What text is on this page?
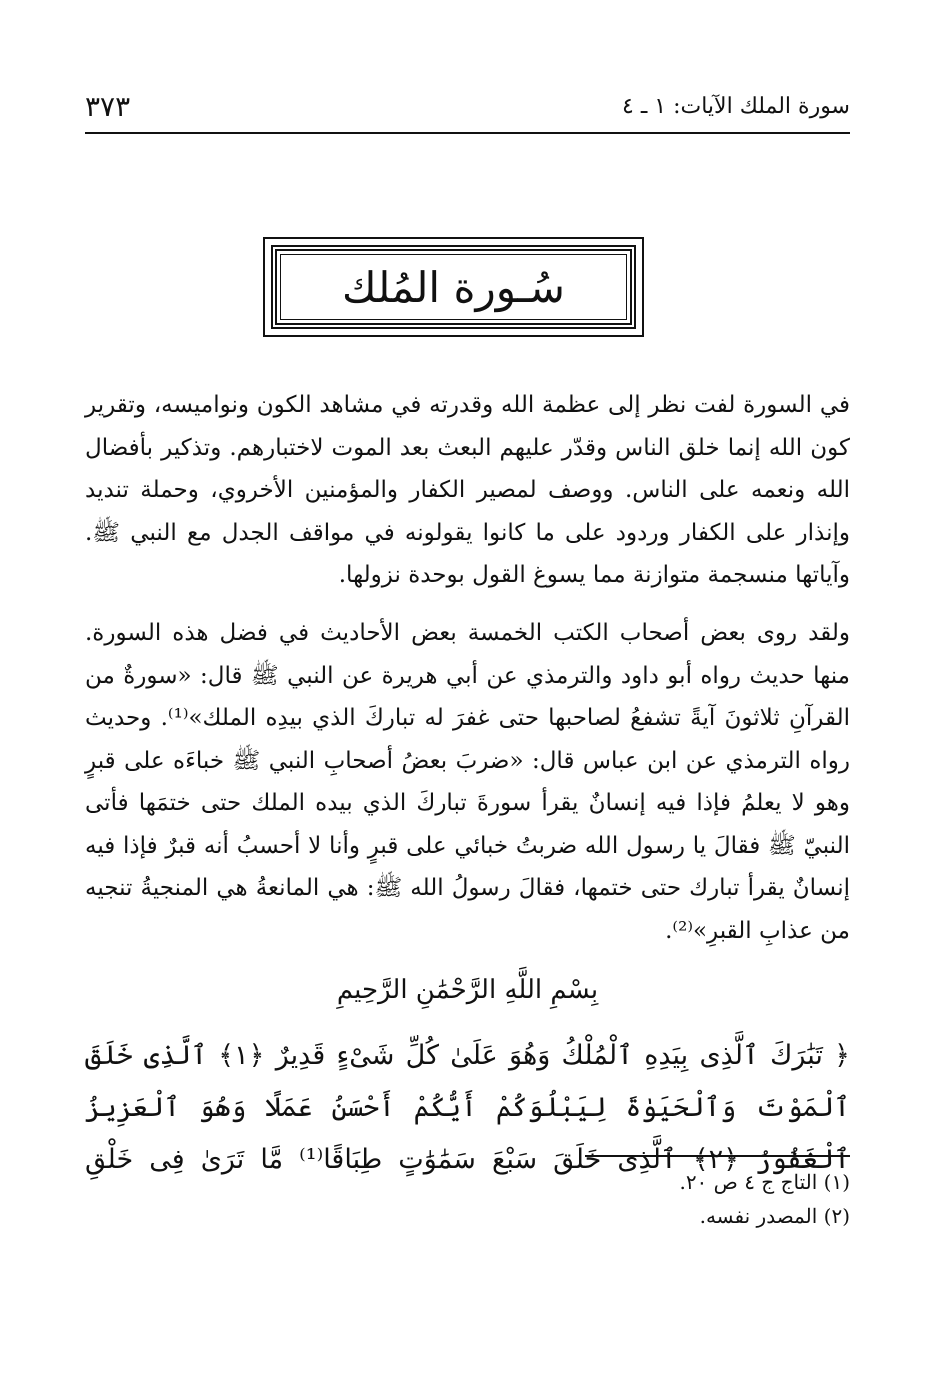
سورة الملك الآيات: ١ ـ ٤
٣٧٣
سُـورة المُلك

في السورة لفت نظر إلى عظمة الله وقدرته في مشاهد الكون ونواميسه، وتقرير كون الله إنما خلق الناس وقدّر عليهم البعث بعد الموت لاختبارهم. وتذكير بأفضال الله ونعمه على الناس. ووصف لمصير الكفار والمؤمنين الأخروي، وحملة تنديد وإنذار على الكفار وردود على ما كانوا يقولونه في مواقف الجدل مع النبي ﷺ. وآياتها منسجمة متوازنة مما يسوغ القول بوحدة نزولها.

ولقد روى بعض أصحاب الكتب الخمسة بعض الأحاديث في فضل هذه السورة. منها حديث رواه أبو داود والترمذي عن أبي هريرة عن النبي ﷺ قال: «سورةٌ من القرآنِ ثلاثونَ آيةً تشفعُ لصاحبها حتى غفرَ له تباركَ الذي بيدِه الملك»⁽¹⁾. وحديث رواه الترمذي عن ابن عباس قال: «ضربَ بعضُ أصحابِ النبي ﷺ خباءَه على قبرٍ وهو لا يعلمُ فإذا فيه إنسانٌ يقرأ سورةَ تباركَ الذي بيده الملك حتى ختمَها فأتى النبيّ ﷺ فقالَ يا رسول الله ضربتُ خبائي على قبرٍ وأنا لا أحسبُ أنه قبرٌ فإذا فيه إنسانٌ يقرأ تبارك حتى ختمها، فقالَ رسولُ الله ﷺ: هي المانعةُ هي المنجيةُ تنجيه من عذابِ القبرِ»⁽²⁾.

بِسْمِ اللَّهِ الرَّحْمَٰنِ الرَّحِيمِ

﴿ تَبَٰرَكَ ٱلَّذِى بِيَدِهِ ٱلْمُلْكُ وَهُوَ عَلَىٰ كُلِّ شَىْءٍ قَدِيرٌ ﴿١﴾ ٱلَّذِى خَلَقَ ٱلْمَوْتَ وَٱلْحَيَوٰةَ لِيَبْلُوَكُمْ أَيُّكُمْ أَحْسَنُ عَمَلًا وَهُوَ ٱلْعَزِيزُ ٱلْغَفُورُ ﴿٢﴾ ٱلَّذِى خَلَقَ سَبْعَ سَمَٰوَٰتٍ طِبَاقًا⁽¹⁾ مَّا تَرَىٰ فِى خَلْقِ

(١) التاج ج ٤ ص ٢٠.
(٢) المصدر نفسه.
